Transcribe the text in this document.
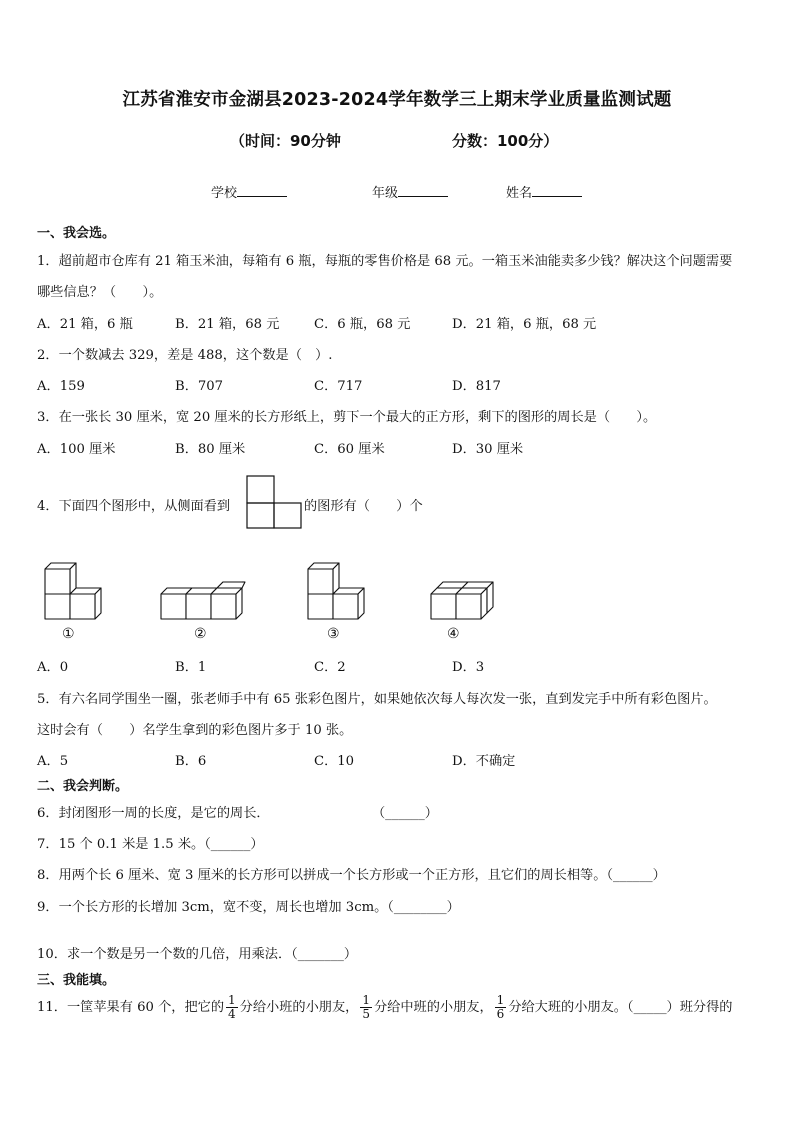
江苏省淮安市金湖县2023-2024学年数学三上期末学业质量监测试题
（时间：90分钟	分数：100分）
学校	年级	姓名
一、我会选。
1．超前超市仓库有 21 箱玉米油，每箱有 6 瓶，每瓶的零售价格是 68 元。一箱玉米油能卖多少钱？解决这个问题需要
哪些信息？（　　）。
A．21 箱，6 瓶	B．21 箱，68 元	C．6 瓶，68 元	D．21 箱，6 瓶，68 元
2．一个数减去 329，差是 488，这个数是（　）.
A．159	B．707	C．717	D．817
3．在一张长 30 厘米，宽 20 厘米的长方形纸上，剪下一个最大的正方形，剩下的图形的周长是（　　）。
A．100 厘米	B．80 厘米	C．60 厘米	D．30 厘米
4．下面四个图形中，从侧面看到	的图形有（　　）个
①	②	③	④
A．0	B．1	C．2	D．3
5．有六名同学围坐一圈，张老师手中有 65 张彩色图片，如果她依次每人每次发一张，直到发完手中所有彩色图片。
这时会有（　　）名学生拿到的彩色图片多于 10 张。
A．5	B．6	C．10	D．不确定
二、我会判断。
6．封闭图形一周的长度，是它的周长．	（______）
7．15 个 0.1 米是 1.5 米。（______）
8．用两个长 6 厘米、宽 3 厘米的长方形可以拼成一个长方形或一个正方形，且它们的周长相等。（______）
9．一个长方形的长增加 3cm，宽不变，周长也增加 3cm。（________）
10．求一个数是另一个数的几倍，用乘法．（_______）
三、我能填。
11．一筐苹果有 60 个，把它的 $\frac{1}{4}$ 分给小班的小朋友， $\frac{1}{5}$ 分给中班的小朋友， $\frac{1}{6}$ 分给大班的小朋友。（_____）班分得的
